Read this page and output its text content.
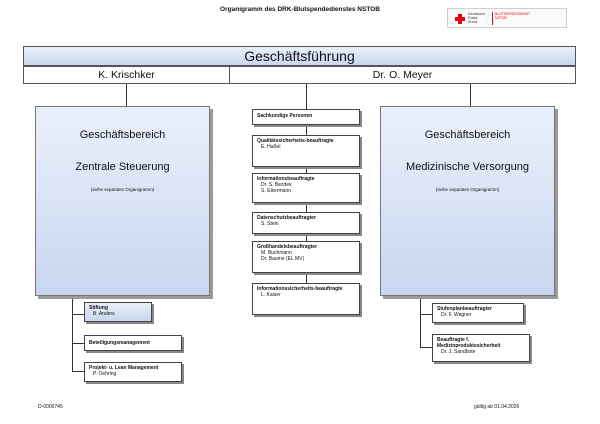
Organigramm des DRK-Blutspendedienstes NSTOB
Deutsches
Rotes
Kreuz
BLUTSPENDEDIENST
NSTOB
Geschäftsführung
K. Krischker	Dr. O. Meyer
Geschäftsbereich
Zentrale Steuerung
(siehe separates Organigramm)
Geschäftsbereich
Medizinische Versorgung
(siehe separates Organigramm)
Sachkundige Personen
Qualitätssicherheits-beauftragte
E. Haßel
Informationsbeauftragte
Dr. S. Bezdek
S. Eikermann
Datenschutzbeauftragter
S. Stein
Großhandelsbeauftragter
M. Buchmann
Dr. Baume (EL MV)
Informationssicherheits-beauftragte
L. Kaiser
Stiftung
B. Anders
Beteiligungsmanagement
Projekt- u. Lean Management
P. Oehring
Stufenplanbeauftragter
Dr. F. Wagner
Beauftragte f. Medizinproduktesicherheit
Dr. J. Sandbote
D-0000745	gültig ab 01.04.2026
